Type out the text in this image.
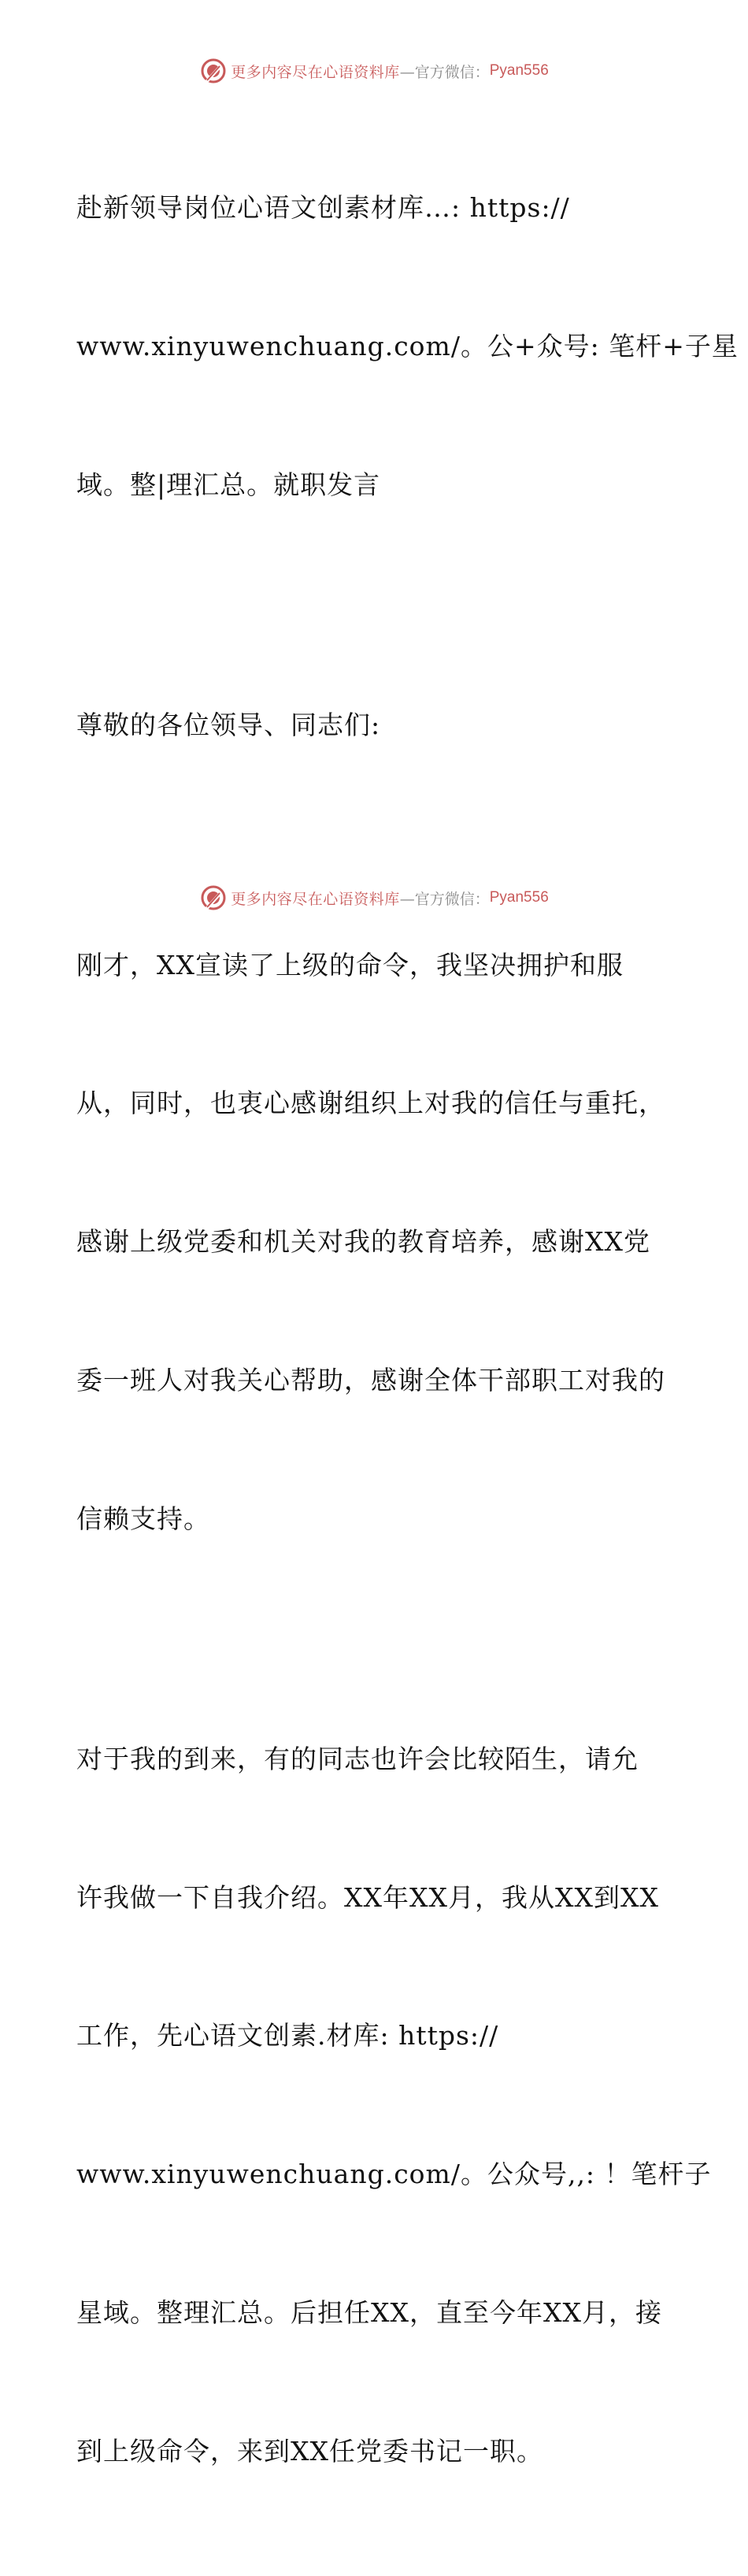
更多内容尽在心语资料库 —官方微信： Pyan556

赴新领导岗位心语文创素材库…: https://

www.xinyuwenchuang.com/。公+众号: 笔杆+子星

域。整|理汇总。就职发言

尊敬的各位领导、同志们:

刚才，XX宣读了上级的命令，我坚决拥护和服

从，同时，也衷心感谢组织上对我的信任与重托，

感谢上级党委和机关对我的教育培养，感谢XX党

委一班人对我关心帮助，感谢全体干部职工对我的

信赖支持。

对于我的到来，有的同志也许会比较陌生，请允

许我做一下自我介绍。XX年XX月，我从XX到XX

工作，先心语文创素.材库: https://

www.xinyuwenchuang.com/。公众号,,: ！笔杆子

星域。整理汇总。后担任XX，直至今年XX月，接

到上级命令，来到XX任党委书记一职。

更多内容尽在心语资料库 —官方微信： Pyan556
